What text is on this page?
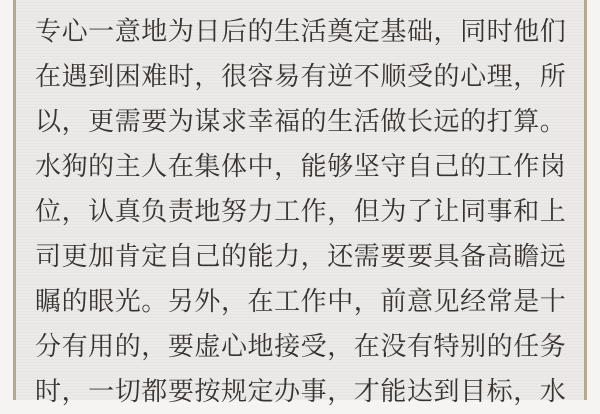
专心一意地为日后的生活奠定基础，同时他们

在遇到困难时，很容易有逆不顺受的心理，所

以，更需要为谋求幸福的生活做长远的打算。

水狗的主人在集体中，能够坚守自己的工作岗

位，认真负责地努力工作，但为了让同事和上

司更加肯定自己的能力，还需要要具备高瞻远

瞩的眼光。另外，在工作中，前意见经常是十

分有用的，要虚心地接受，在没有特别的任务

时，一切都要按规定办事，才能达到目标，水
